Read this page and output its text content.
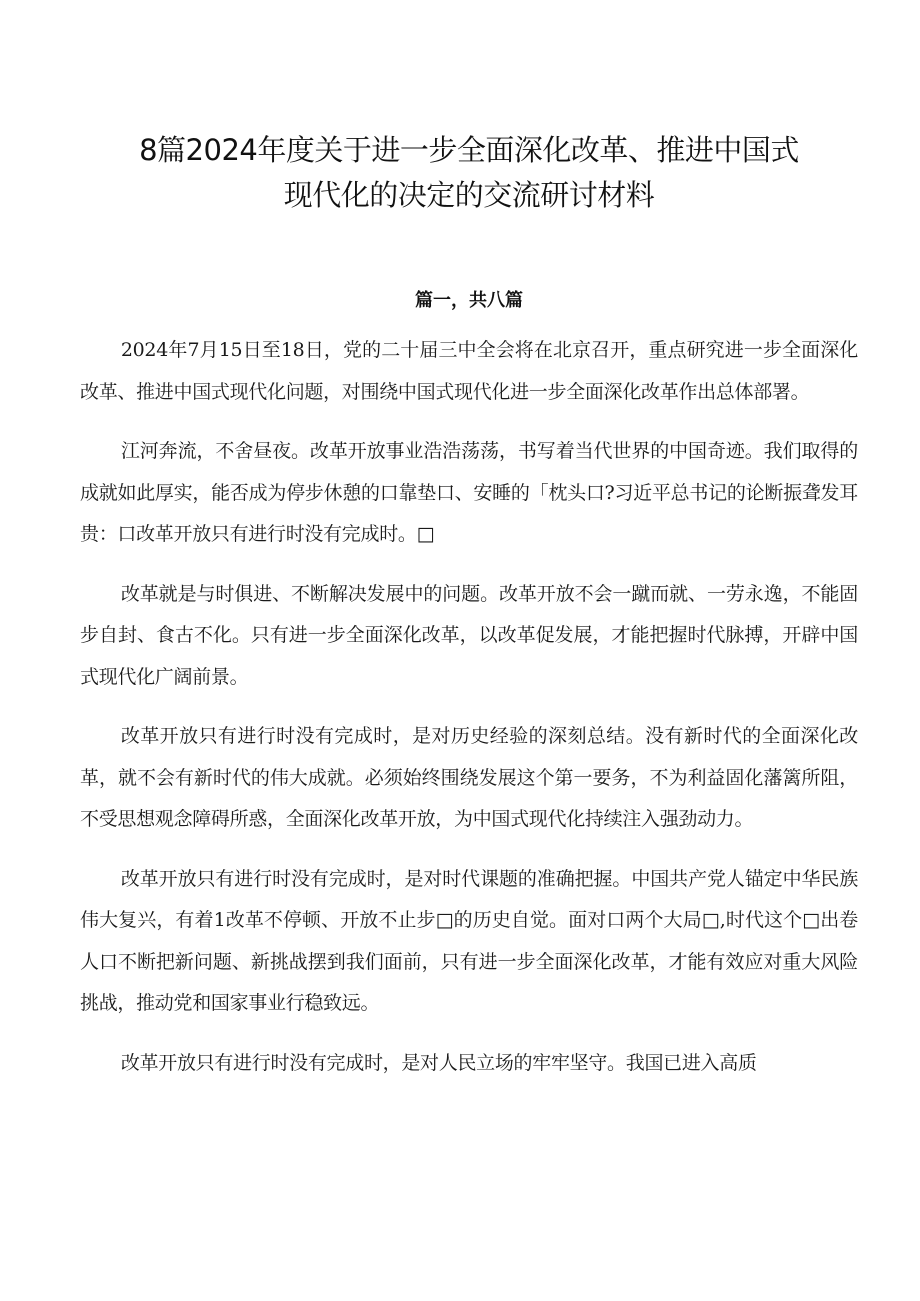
8篇2024年度关于进一步全面深化改革、推进中国式
现代化的决定的交流研讨材料
篇一，共八篇

2024年7月15日至18日，党的二十届三中全会将在北京召开，重点研究进一步全面深化改革、推进中国式现代化问题，对围绕中国式现代化进一步全面深化改革作出总体部署。

江河奔流，不舍昼夜。改革开放事业浩浩荡荡，书写着当代世界的中国奇迹。我们取得的成就如此厚实，能否成为停步休憩的口靠垫口、安睡的「枕头口?习近平总书记的论断振聋发耳贵：口改革开放只有进行时没有完成时。□

改革就是与时俱进、不断解决发展中的问题。改革开放不会一蹴而就、一劳永逸，不能固步自封、食古不化。只有进一步全面深化改革，以改革促发展，才能把握时代脉搏，开辟中国式现代化广阔前景。

改革开放只有进行时没有完成时，是对历史经验的深刻总结。没有新时代的全面深化改革，就不会有新时代的伟大成就。必须始终围绕发展这个第一要务，不为利益固化藩篱所阻，不受思想观念障碍所惑，全面深化改革开放，为中国式现代化持续注入强劲动力。

改革开放只有进行时没有完成时，是对时代课题的准确把握。中国共产党人锚定中华民族伟大复兴，有着1改革不停顿、开放不止步□的历史自觉。面对口两个大局□,时代这个□出卷人口不断把新问题、新挑战摆到我们面前，只有进一步全面深化改革，才能有效应对重大风险挑战，推动党和国家事业行稳致远。

改革开放只有进行时没有完成时，是对人民立场的牢牢坚守。我国已进入高质
